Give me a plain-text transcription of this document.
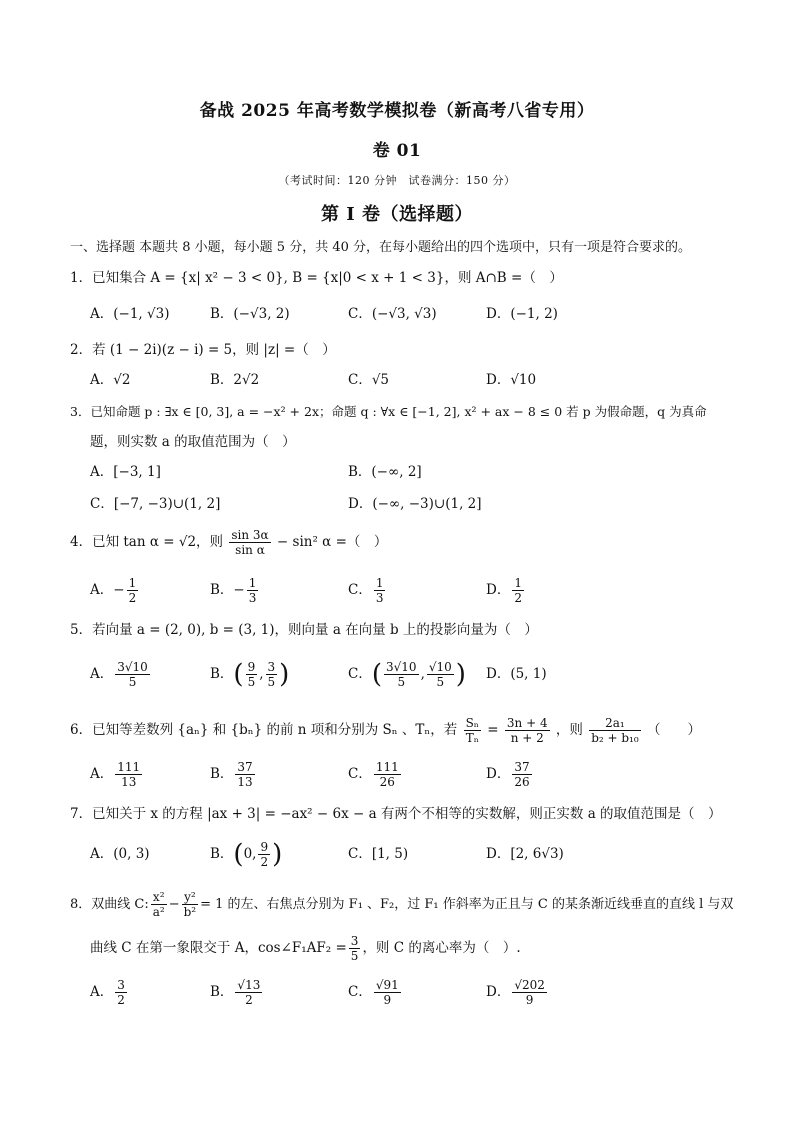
备战 2025 年高考数学模拟卷（新高考八省专用）
卷 01
（考试时间：120 分钟　试卷满分：150 分）
第 I 卷（选择题）
一、选择题 本题共 8 小题，每小题 5 分，共 40 分，在每小题给出的四个选项中，只有一项是符合要求的。
1．已知集合 A = {x| x² − 3 < 0}, B = {x|0 < x + 1 < 3}，则 A∩B =（　）
A．(−1, √3)	B．(−√3, 2)	C．(−√3, √3)	D．(−1, 2)
2．若 (1 − 2i)(z − i) = 5，则 |z| =（　）
A．√2	B．2√2	C．√5	D．√10
3．已知命题 p : ∃x ∈ [0, 3], a = −x² + 2x；命题 q : ∀x ∈ [−1, 2], x² + ax − 8 ≤ 0 若 p 为假命题，q 为真命
题，则实数 a 的取值范围为（　）
A．[−3, 1]	B．(−∞, 2]
C．[−7, −3)∪(1, 2]	D．(−∞, −3)∪(1, 2]
4．已知 tan α = √2，则 $\frac{\sin 3\alpha}{\text{sin α}} - \sin^2$ α =（　）
A．− $\frac{1}{2}$	B．− $\frac{1}{3}$	C． $\frac{1}{3}$	D． $\frac{1}{2}$
5．若向量 a = (2, 0), b = (3, 1)，则向量 a 在向量 b 上的投影向量为（　）
A． $\frac{3√10}{5}$	B．( $\frac{9}{5}$ , $\frac{3}{5}$ )	C．( $\frac{3√10}{5}$ , $\frac{√10}{5}$ ) D．(5, 1)
6．已知等差数列 {aₙ} 和 {bₙ} 的前 n 项和分别为 Sₙ 、Tₙ，若 $\frac{\text{Sₙ}}{\text{Tₙ}} = \frac{3n + 4}{n + 2}$ ，则 $\frac{\text{2a₁}}{\text{b₂ + b₁₀}}$ （　　）
A． $\frac{111}{13}$	B． $\frac{37}{13}$	C． $\frac{111}{26}$	D． $\frac{37}{26}$
7．已知关于 x 的方程 |ax + 3| = −ax² − 6x − a 有两个不相等的实数解，则正实数 a 的取值范围是（　）
A．(0, 3)	B．(0, $\frac{9}{2}$ )	C．[1, 5)	D．[2, 6√3)
8．双曲线 C: $\frac{\text{x²}}{\text{a²}} - \frac{\text{y²}}{\text{b²}} = 1$ 的左、右焦点分别为 F₁ 、F₂，过 F₁ 作斜率为正且与 C 的某条渐近线垂直的直线 l 与双
曲线 C 在第一象限交于 A，cos∠F₁AF₂ = $\frac{3}{5}$ ，则 C 的离心率为（　）.
A． $\frac{3}{2}$	B． $\frac{√13}{2}$	C． $\frac{√91}{9}$	D． $\frac{√202}{9}$
